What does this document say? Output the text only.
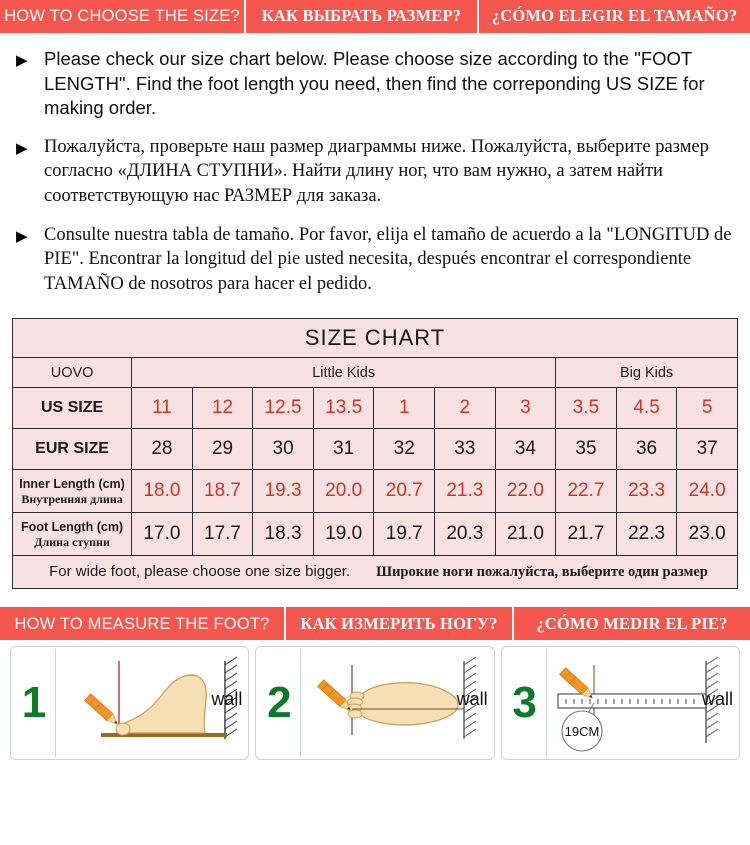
HOW TO CHOOSE THE SIZE?	КАК ВЫБРАТЬ РАЗМЕР?	¿CÓMO ELEGIR EL TAMAÑO?
▶ Please check our size chart below. Please choose size according to the "FOOT LENGTH". Find the foot length you need, then find the correponding US SIZE for making order.
▶ Пожалуйста, проверьте наш размер диаграммы ниже. Пожалуйста, выберите размер согласно «ДЛИНА СТУПНИ». Найти длину ног, что вам нужно, а затем найти соответствующую нас РАЗМЕР для заказа.
▶ Consulte nuestra tabla de tamaño. Por favor, elija el tamaño de acuerdo a la "LONGITUD de PIE". Encontrar la longitud del pie usted necesita, después encontrar el correspondiente TAMAÑO de nosotros para hacer el pedido.
SIZE CHART										
UOVO	Little Kids							Big Kids		
US SIZE	11	12	12.5	13.5	1	2	3	3.5	4.5	5
EUR SIZE	28	29	30	31	32	33	34	35	36	37
Inner Length (cm)
Внутренняя длина	18.0	18.7	19.3	20.0	20.7	21.3	22.0	22.7	23.3	24.0
Foot Length (cm)
Длина ступни	17.0	17.7	18.3	19.0	19.7	20.3	21.0	21.7	22.3	23.0
For wide foot, please choose one size bigger. Широкие ноги пожалуйста, выберите один размер										
HOW TO MEASURE THE FOOT?	КАК ИЗМЕРИТЬ НОГУ?	¿CÓMO MEDIR EL PIE?
1	wall 2	wall 3
19CM
wall
